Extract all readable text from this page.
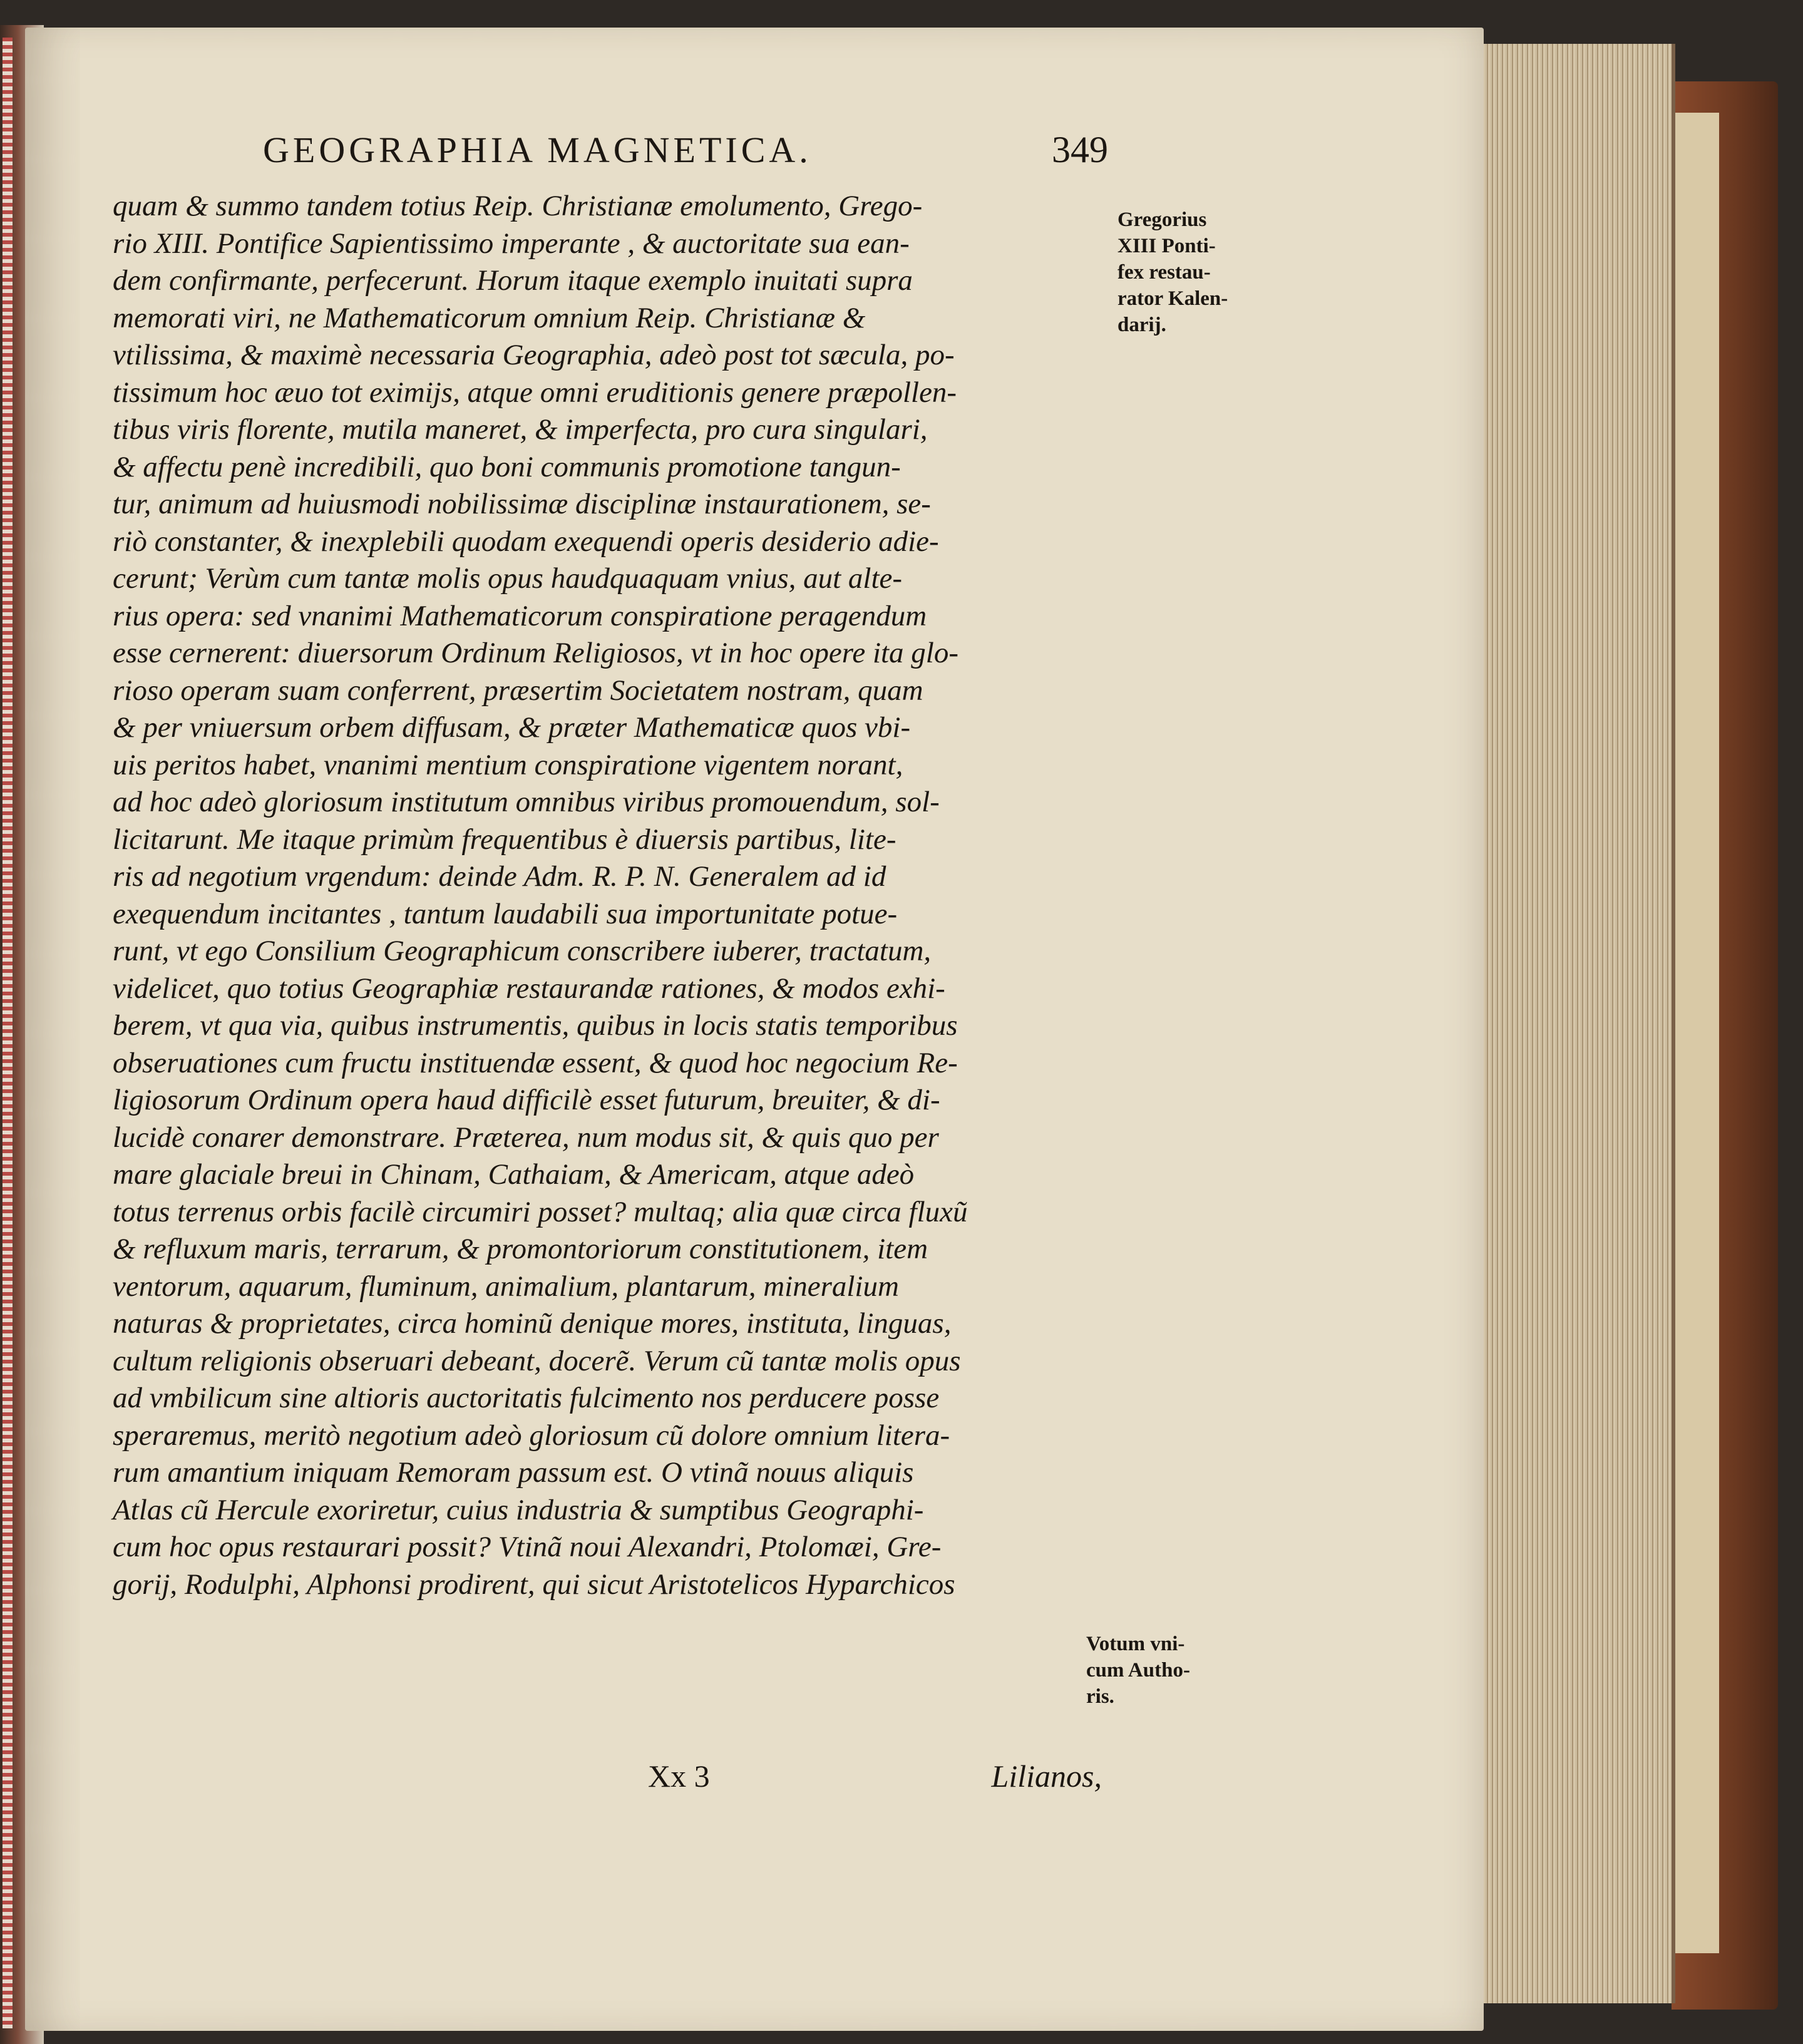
GEOGRAPHIA MAGNETICA.	349
quam & summo tandem totius Reip. Christianæ emolumento, Grego-
rio XIII. Pontifice Sapientissimo imperante , & auctoritate sua ean-
dem confirmante, perfecerunt. Horum itaque exemplo inuitati supra
memorati viri, ne Mathematicorum omnium Reip. Christianæ &
vtilissima, & maximè necessaria Geographia, adeò post tot sæcula, po-
tissimum hoc æuo tot eximijs, atque omni eruditionis genere præpollen-
tibus viris florente, mutila maneret, & imperfecta, pro cura singulari,
& affectu penè incredibili, quo boni communis promotione tangun-
tur, animum ad huiusmodi nobilissimæ disciplinæ instaurationem, se-
riò constanter, & inexplebili quodam exequendi operis desiderio adie-
cerunt; Verùm cum tantæ molis opus haudquaquam vnius, aut alte-
rius opera: sed vnanimi Mathematicorum conspiratione peragendum
esse cernerent: diuersorum Ordinum Religiosos, vt in hoc opere ita glo-
rioso operam suam conferrent, præsertim Societatem nostram, quam
& per vniuersum orbem diffusam, & præter Mathematicæ quos vbi-
uis peritos habet, vnanimi mentium conspiratione vigentem norant,
ad hoc adeò gloriosum institutum omnibus viribus promouendum, sol-
licitarunt. Me itaque primùm frequentibus è diuersis partibus, lite-
ris ad negotium vrgendum: deinde Adm. R. P. N. Generalem ad id
exequendum incitantes , tantum laudabili sua importunitate potue-
runt, vt ego Consilium Geographicum conscribere iuberer, tractatum,
videlicet, quo totius Geographiæ restaurandæ rationes, & modos exhi-
berem, vt qua via, quibus instrumentis, quibus in locis statis temporibus
obseruationes cum fructu instituendæ essent, & quod hoc negocium Re-
ligiosorum Ordinum opera haud difficilè esset futurum, breuiter, & di-
lucidè conarer demonstrare. Præterea, num modus sit, & quis quo per
mare glaciale breui in Chinam, Cathaiam, & Americam, atque adeò
totus terrenus orbis facilè circumiri posset? multaq; alia quæ circa fluxũ
& refluxum maris, terrarum, & promontoriorum constitutionem, item
ventorum, aquarum, fluminum, animalium, plantarum, mineralium
naturas & proprietates, circa hominũ denique mores, instituta, linguas,
cultum religionis obseruari debeant, docerẽ. Verum cũ tantæ molis opus
ad vmbilicum sine altioris auctoritatis fulcimento nos perducere posse
speraremus, meritò negotium adeò gloriosum cũ dolore omnium litera-
rum amantium iniquam Remoram passum est. O vtinã nouus aliquis
Atlas cũ Hercule exoriretur, cuius industria & sumptibus Geographi-
cum hoc opus restaurari possit? Vtinã noui Alexandri, Ptolomæi, Gre-
gorij, Rodulphi, Alphonsi prodirent, qui sicut Aristotelicos Hyparchicos
Gregorius
XIII Ponti-
fex restau-
rator Kalen-
darij.
Votum vni-
cum Autho-
ris.
Xx 3	Lilianos,
